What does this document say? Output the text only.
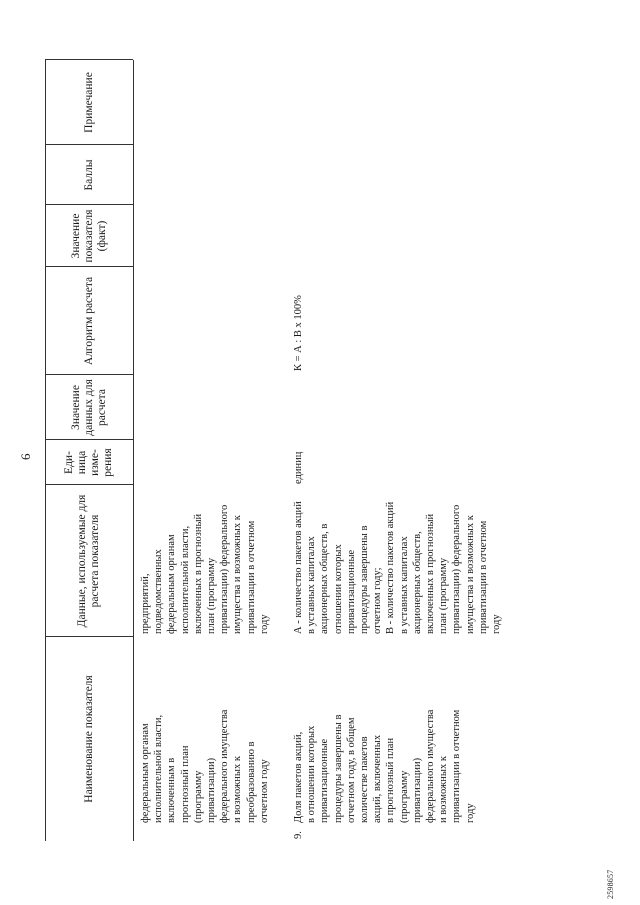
6
2598657
Наименование показателя
Данные, используемые для расчета показателя
Еди-
ница
изме-
рения
Значение данных для расчета
Алгоритм расчета
Значение показателя (факт)
Баллы
Примечание
федеральным органам
исполнительной власти,
включенным в
прогнозный план
(программу
приватизации)
федерального имущества
и возможных к
преобразованию в
отчетном году
предприятий,
подведомственных
федеральным органам
исполнительной власти,
включенных в прогнозный
план (программу
приватизации) федерального
имущества и возможных к
приватизации в отчетном
году
9.
Доля пакетов акций,
в отношении которых
приватизационные
процедуры завершены в
отчетном году, в общем
количестве пакетов
акций, включенных
в прогнозный план
(программу
приватизации)
федерального имущества
и возможных к
приватизации в отчетном
году
А - количество пакетов акций
в уставных капиталах
акционерных обществ, в
отношении которых
приватизационные
процедуры завершены в
отчетном году;
В - количество пакетов акций
в уставных капиталах
акционерных обществ,
включенных в прогнозный
план (программу
приватизации) федерального
имущества и возможных к
приватизации в отчетном
году
единиц
К = А : В х 100%
